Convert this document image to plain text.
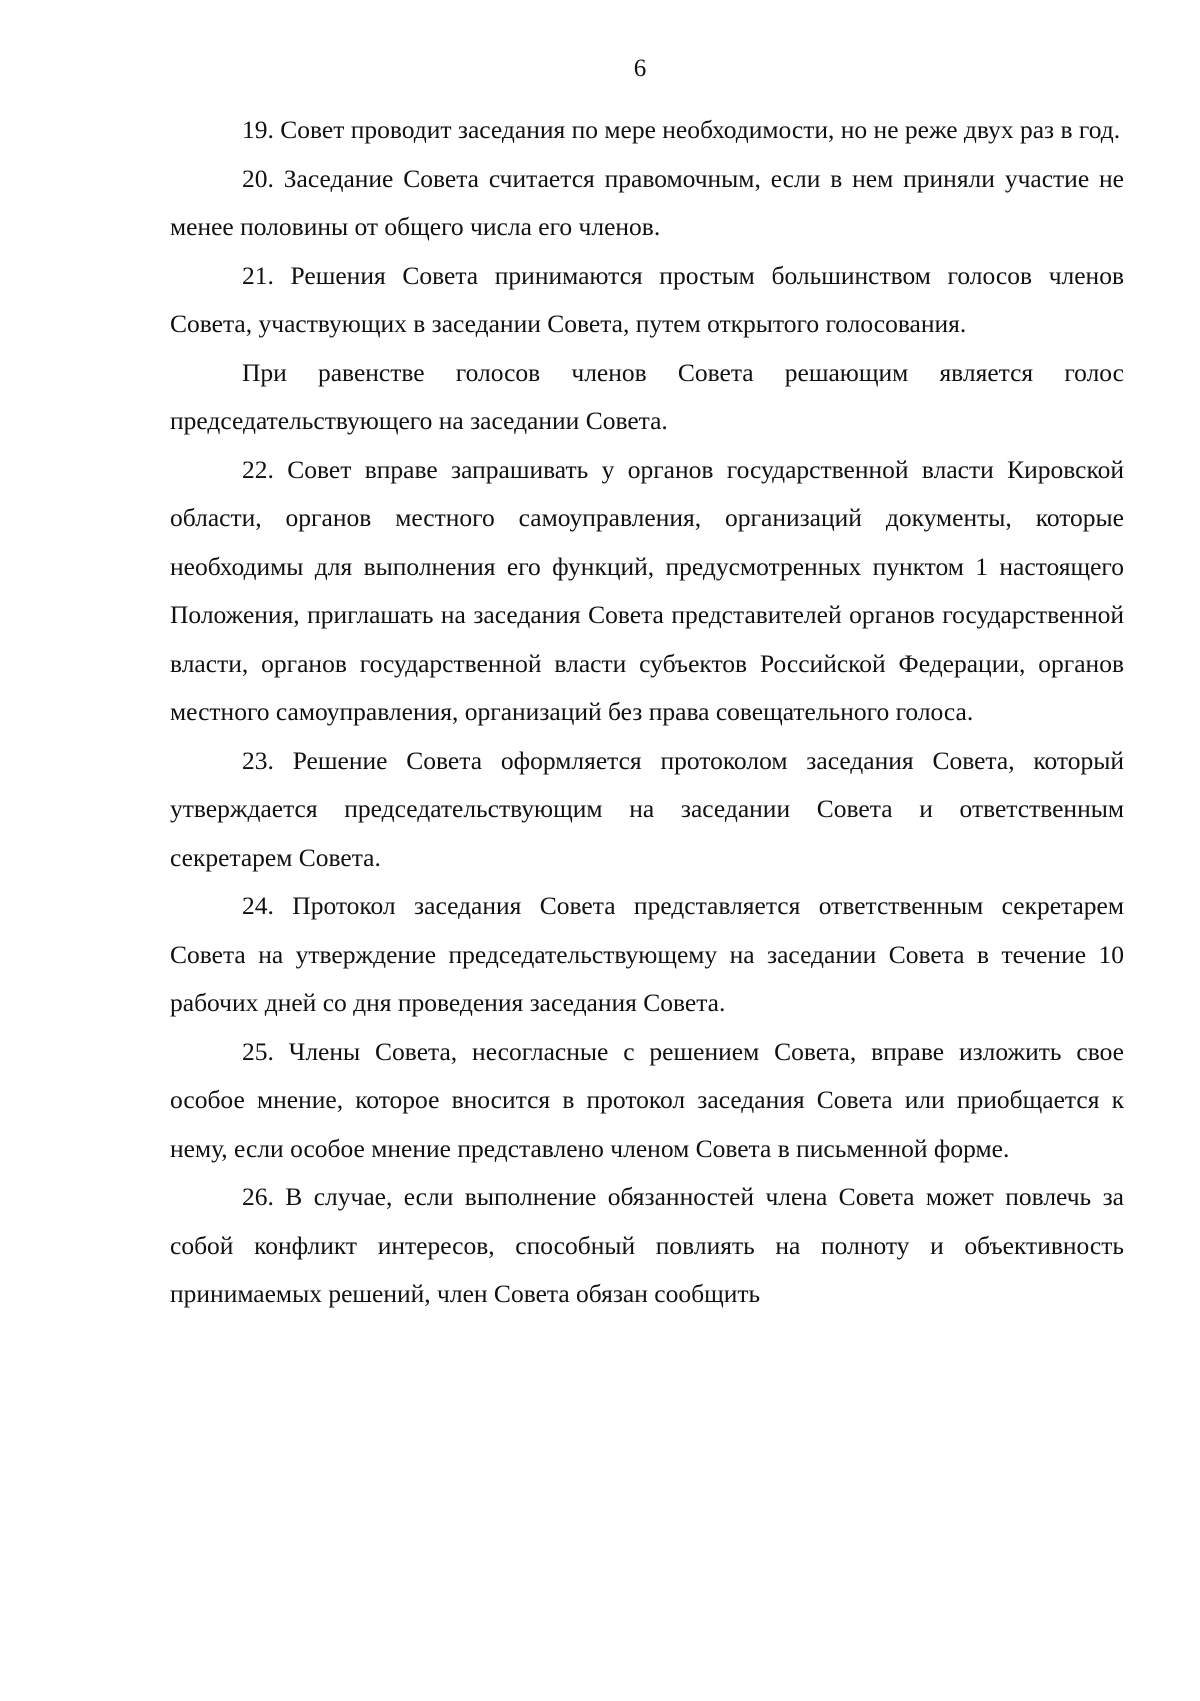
6

19. Совет проводит заседания по мере необходимости, но не реже двух раз в год.

20. Заседание Совета считается правомочным, если в нем приняли участие не менее половины от общего числа его членов.

21. Решения Совета принимаются простым большинством голосов членов Совета, участвующих в заседании Совета, путем открытого голосования.

При равенстве голосов членов Совета решающим является голос председательствующего на заседании Совета.

22. Совет вправе запрашивать у органов государственной власти Кировской области, органов местного самоуправления, организаций документы, которые необходимы для выполнения его функций, предусмотренных пунктом 1 настоящего Положения, приглашать на заседания Совета представителей органов государственной власти, органов государственной власти субъектов Российской Федерации, органов местного самоуправления, организаций без права совещательного голоса.

23. Решение Совета оформляется протоколом заседания Совета, который утверждается председательствующим на заседании Совета и ответственным секретарем Совета.

24. Протокол заседания Совета представляется ответственным секретарем Совета на утверждение председательствующему на заседании Совета в течение 10 рабочих дней со дня проведения заседания Совета.

25. Члены Совета, несогласные с решением Совета, вправе изложить свое особое мнение, которое вносится в протокол заседания Совета или приобщается к нему, если особое мнение представлено членом Совета в письменной форме.

26. В случае, если выполнение обязанностей члена Совета может повлечь за собой конфликт интересов, способный повлиять на полноту и объективность принимаемых решений, член Совета обязан сообщить
